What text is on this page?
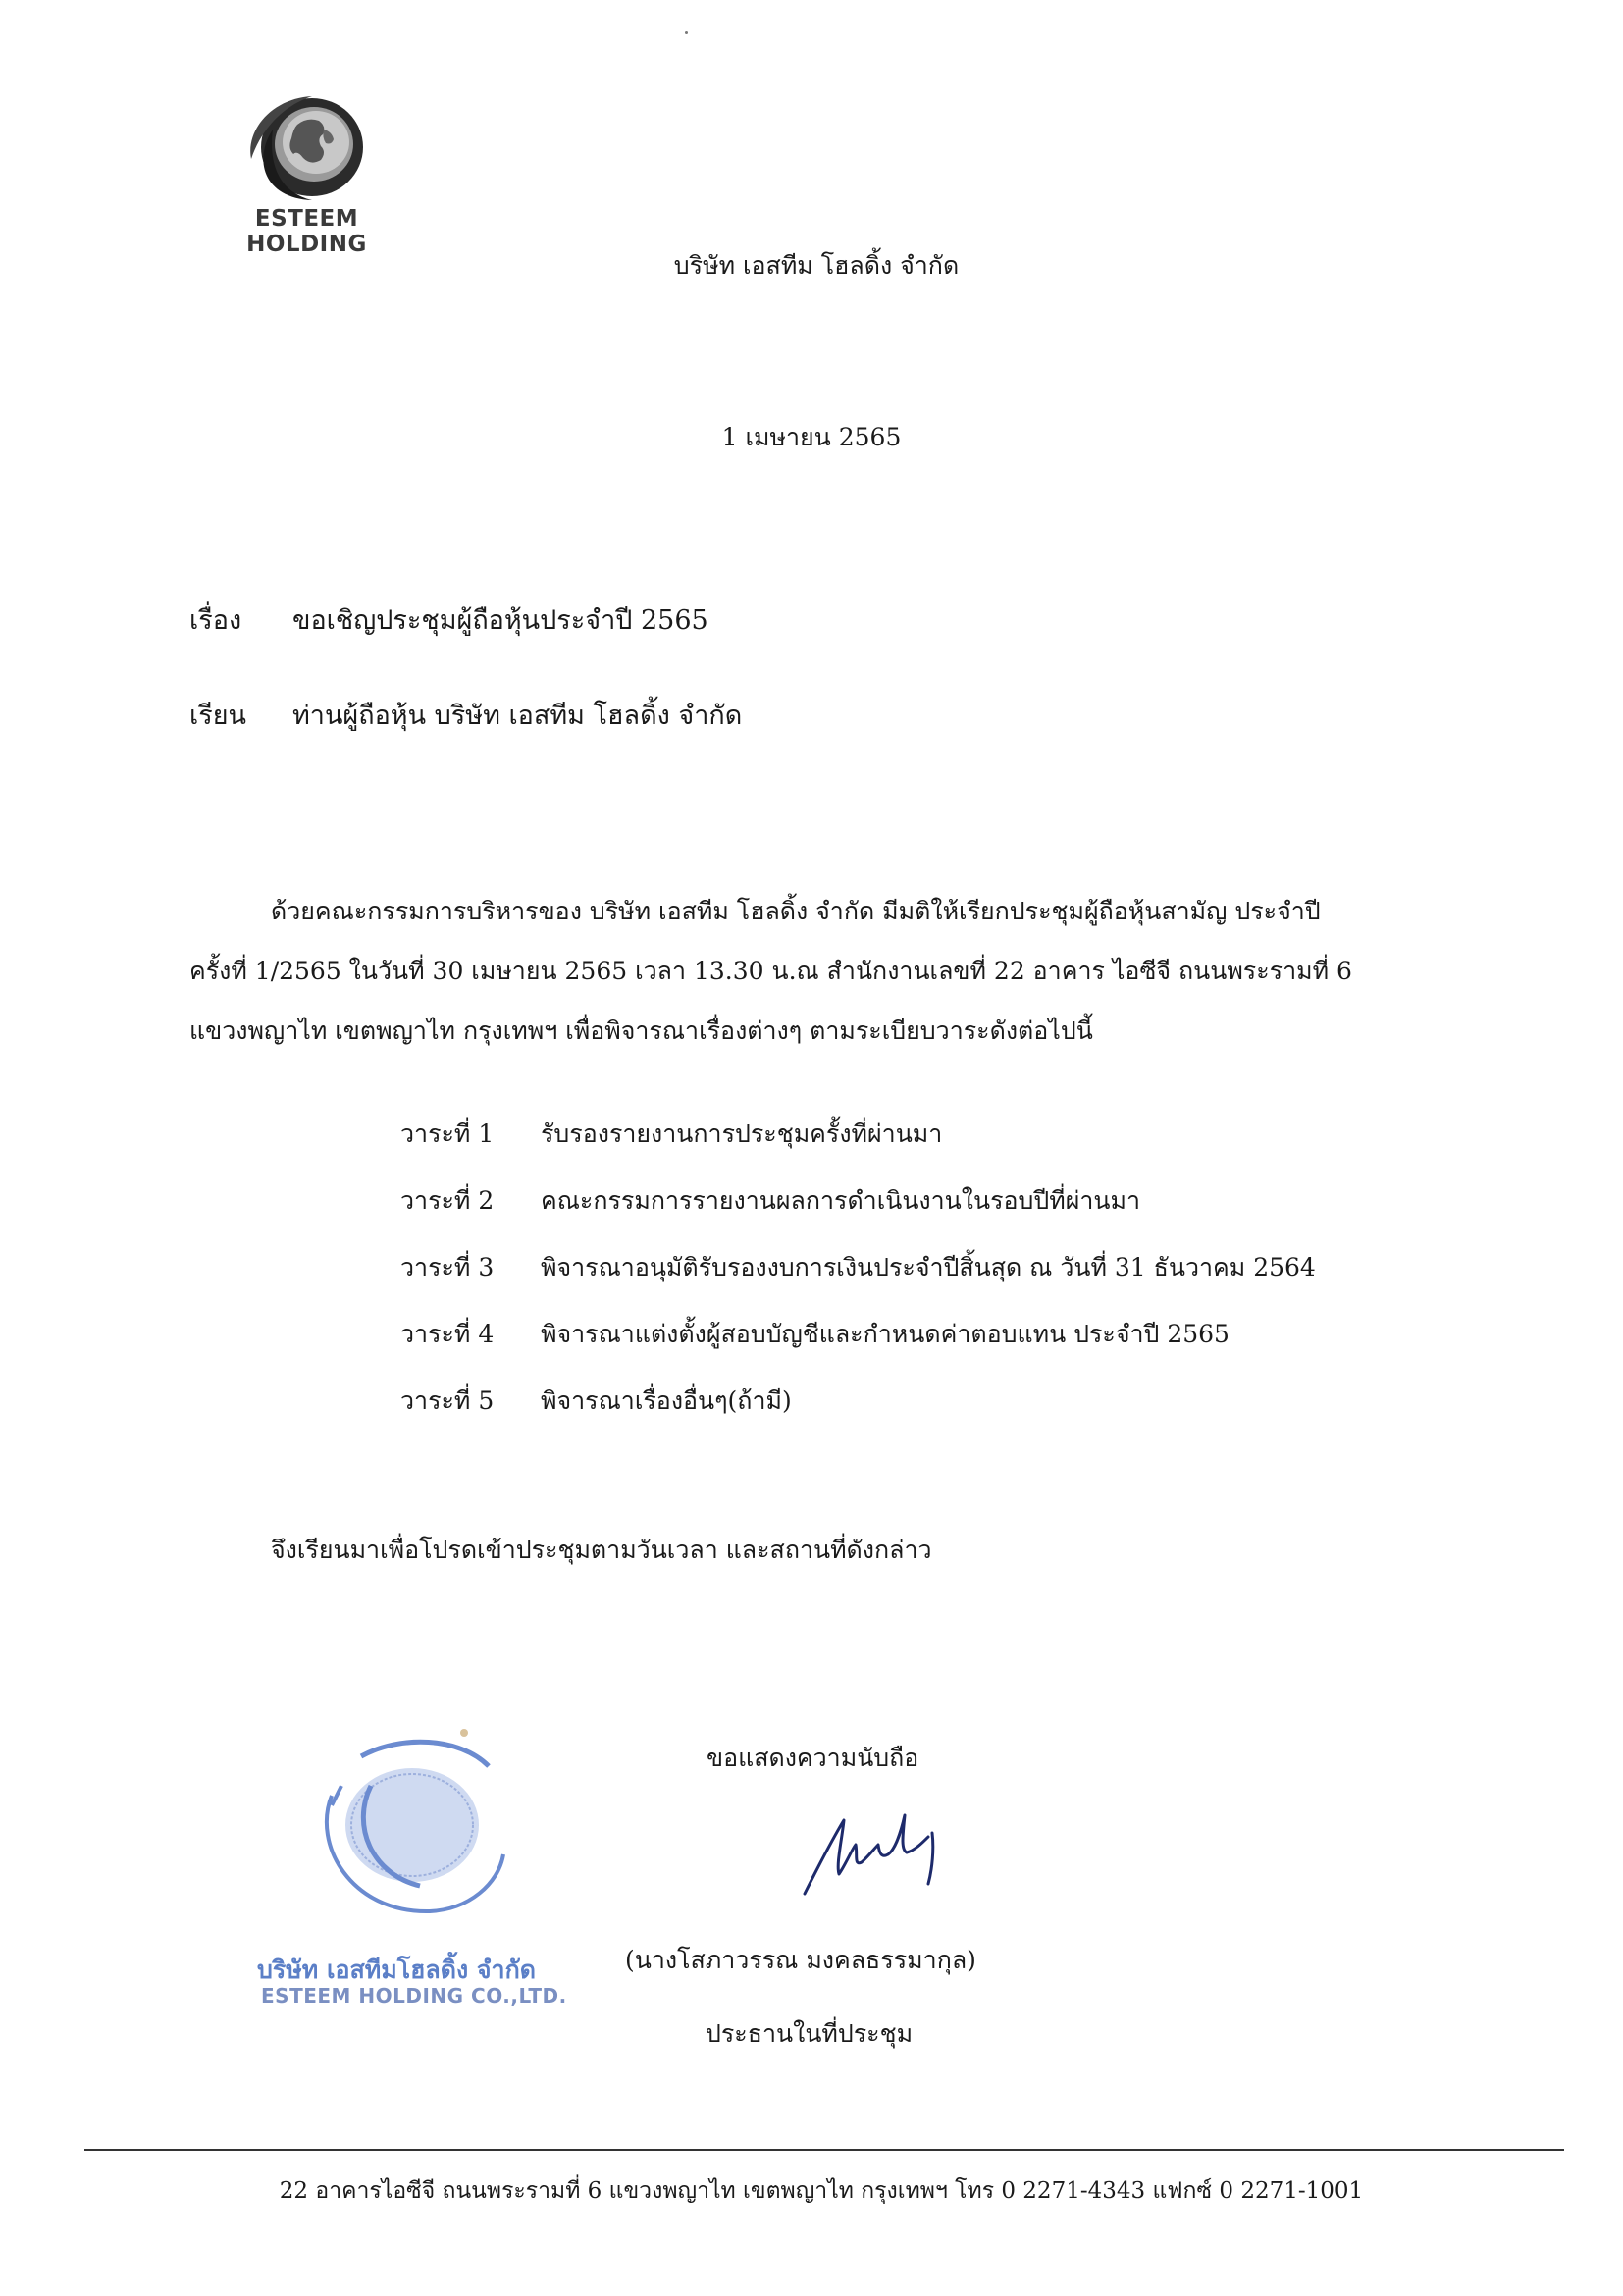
ESTEEM HOLDING
บริษัท เอสทีม โฮลดิ้ง จำกัด
1 เมษายน 2565
เรื่อง ขอเชิญประชุมผู้ถือหุ้นประจำปี 2565
เรียน ท่านผู้ถือหุ้น บริษัท เอสทีม โฮลดิ้ง จำกัด
ด้วยคณะกรรมการบริหารของ บริษัท เอสทีม โฮลดิ้ง จำกัด มีมติให้เรียกประชุมผู้ถือหุ้นสามัญ ประจำปี
ครั้งที่ 1/2565 ในวันที่ 30 เมษายน 2565 เวลา 13.30 น.ณ สำนักงานเลขที่ 22 อาคาร ไอซีจี ถนนพระรามที่ 6
แขวงพญาไท เขตพญาไท กรุงเทพฯ เพื่อพิจารณาเรื่องต่างๆ ตามระเบียบวาระดังต่อไปนี้
วาระที่ 1 รับรองรายงานการประชุมครั้งที่ผ่านมา
วาระที่ 2 คณะกรรมการรายงานผลการดำเนินงานในรอบปีที่ผ่านมา
วาระที่ 3 พิจารณาอนุมัติรับรองงบการเงินประจำปีสิ้นสุด ณ วันที่ 31 ธันวาคม 2564
วาระที่ 4 พิจารณาแต่งตั้งผู้สอบบัญชีและกำหนดค่าตอบแทน ประจำปี 2565
วาระที่ 5 พิจารณาเรื่องอื่นๆ(ถ้ามี)
จึงเรียนมาเพื่อโปรดเข้าประชุมตามวันเวลา และสถานที่ดังกล่าว
บริษัท เอสทีมโฮลดิ้ง จำกัด
ESTEEM HOLDING CO.,LTD.
ขอแสดงความนับถือ
(นางโสภาวรรณ มงคลธรรมากุล)
ประธานในที่ประชุม
22 อาคารไอซีจี ถนนพระรามที่ 6 แขวงพญาไท เขตพญาไท กรุงเทพฯ โทร 0 2271-4343 แฟกซ์ 0 2271-1001
